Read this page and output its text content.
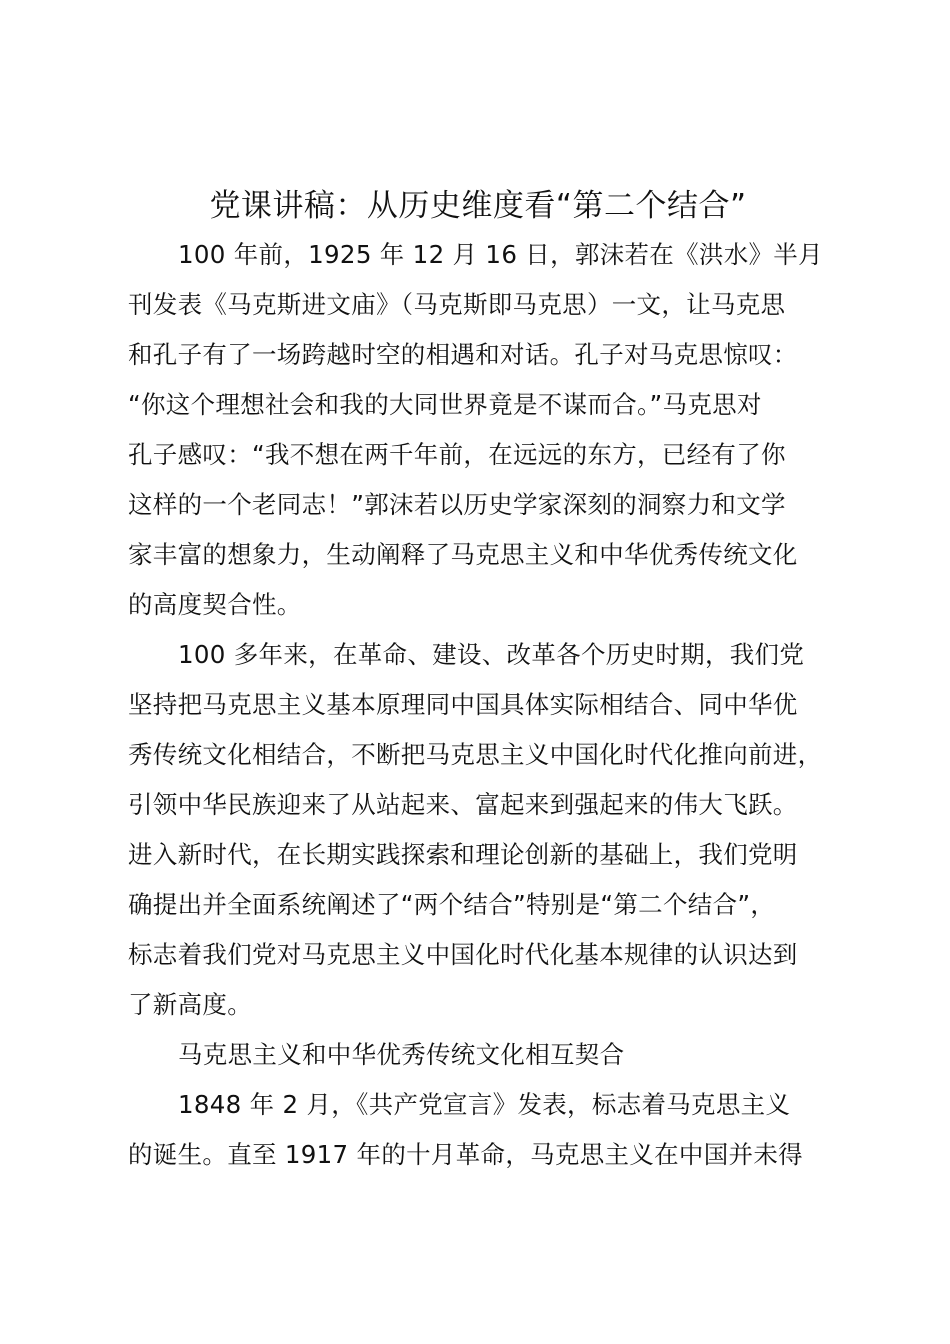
党课讲稿：从历史维度看“第二个结合”
100 年前，1925 年 12 月 16 日，郭沫若在《洪水》半月
刊发表《马克斯进文庙》（马克斯即马克思）一文，让马克思
和孔子有了一场跨越时空的相遇和对话。孔子对马克思惊叹：
“你这个理想社会和我的大同世界竟是不谋而合。”马克思对
孔子感叹：“我不想在两千年前，在远远的东方，已经有了你
这样的一个老同志！”郭沫若以历史学家深刻的洞察力和文学
家丰富的想象力，生动阐释了马克思主义和中华优秀传统文化
的高度契合性。
100 多年来，在革命、建设、改革各个历史时期，我们党
坚持把马克思主义基本原理同中国具体实际相结合、同中华优
秀传统文化相结合，不断把马克思主义中国化时代化推向前进，
引领中华民族迎来了从站起来、富起来到强起来的伟大飞跃。
进入新时代，在长期实践探索和理论创新的基础上，我们党明
确提出并全面系统阐述了“两个结合”特别是“第二个结合”，
标志着我们党对马克思主义中国化时代化基本规律的认识达到
了新高度。
马克思主义和中华优秀传统文化相互契合
1848 年 2 月，《共产党宣言》发表，标志着马克思主义
的诞生。直至 1917 年的十月革命，马克思主义在中国并未得
